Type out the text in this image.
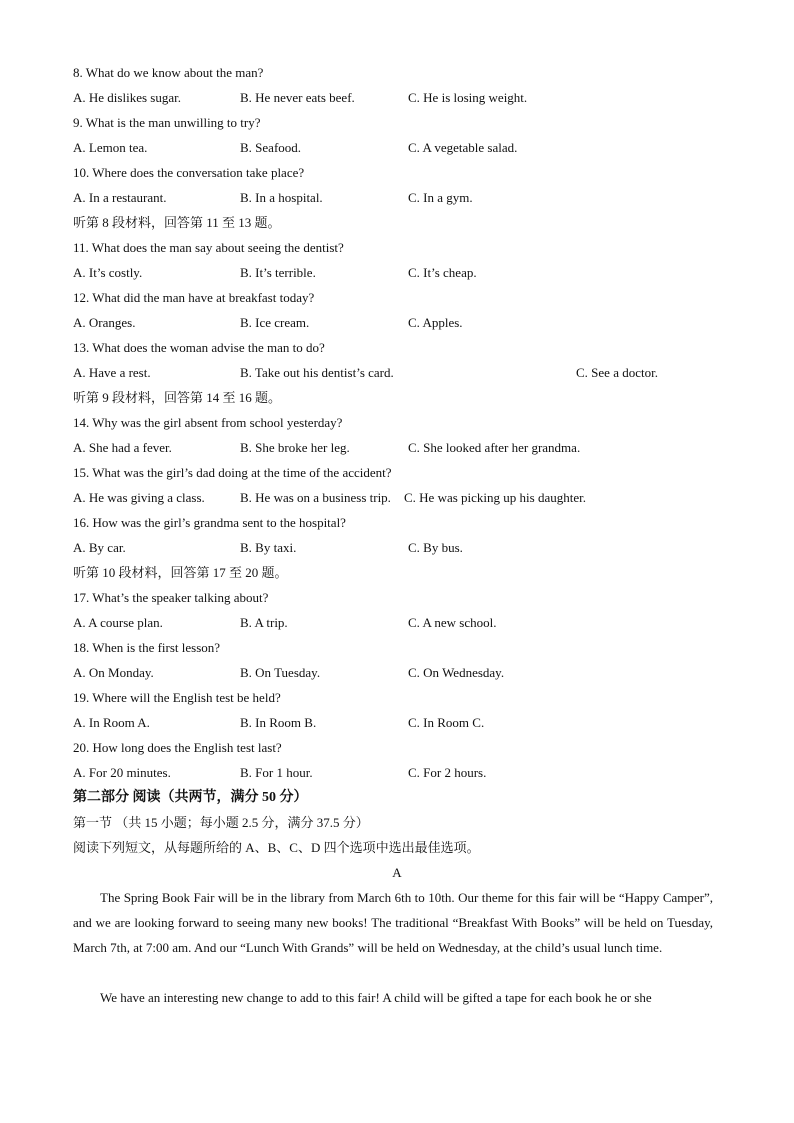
8. What do we know about the man?
A. He dislikes sugar.	B. He never eats beef.	C. He is losing weight.
9. What is the man unwilling to try?
A. Lemon tea.	B. Seafood.	C. A vegetable salad.
10. Where does the conversation take place?
A. In a restaurant.	B. In a hospital.	C. In a gym.
听第 8 段材料，回答第 11 至 13 题。
11. What does the man say about seeing the dentist?
A. It’s costly.	B. It’s terrible.	C. It’s cheap.
12. What did the man have at breakfast today?
A. Oranges.	B. Ice cream.	C. Apples.
13. What does the woman advise the man to do?
A. Have a rest.	B. Take out his dentist’s card.	C. See a doctor.
听第 9 段材料，回答第 14 至 16 题。
14. Why was the girl absent from school yesterday?
A. She had a fever.	B. She broke her leg.	C. She looked after her grandma.
15. What was the girl’s dad doing at the time of the accident?
A. He was giving a class.	B. He was on a business trip. C. He was picking up his daughter.
16. How was the girl’s grandma sent to the hospital?
A. By car.	B. By taxi.	C. By bus.
听第 10 段材料，回答第 17 至 20 题。
17. What’s the speaker talking about?
A. A course plan.	B. A trip.	C. A new school.
18. When is the first lesson?
A. On Monday.	B. On Tuesday.	C. On Wednesday.
19. Where will the English test be held?
A. In Room A.	B. In Room B.	C. In Room C.
20. How long does the English test last?
A. For 20 minutes.	B. For 1 hour.	C. For 2 hours.
第二部分 阅读（共两节，满分 50 分）
第一节 （共 15 小题；每小题 2.5 分，满分 37.5 分）
阅读下列短文，从每题所给的 A、B、C、D 四个选项中选出最佳选项。
A

The Spring Book Fair will be in the library from March 6th to 10th. Our theme for this fair will be “Happy Camper”, and we are looking forward to seeing many new books! The traditional “Breakfast With Books” will be held on Tuesday, March 7th, at 7:00 am. And our “Lunch With Grands” will be held on Wednesday, at the child’s usual lunch time.

We have an interesting new change to add to this fair! A child will be gifted a tape for each book he or she
